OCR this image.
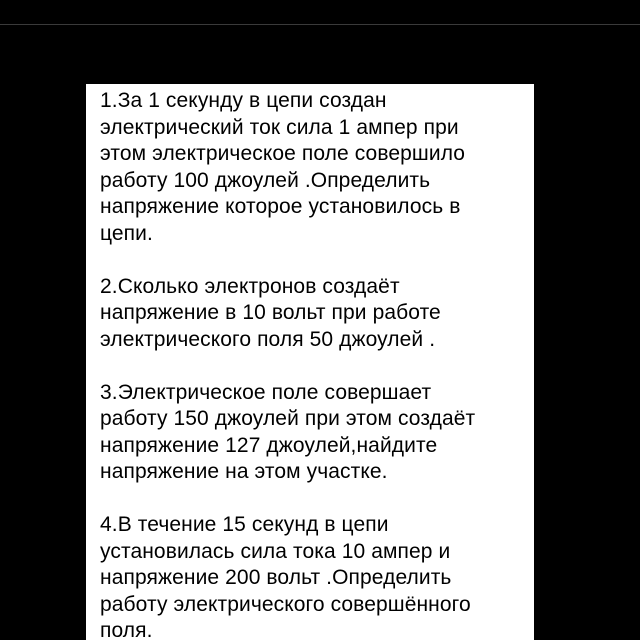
1.За 1 секунду в цепи создан
электрический ток сила 1 ампер при
этом электрическое поле совершило
работу 100 джоулей .Определить
напряжение которое установилось в
цепи.
2.Сколько электронов создаёт
напряжение в 10 вольт при работе
электрического поля 50 джоулей .
3.Электрическое поле совершает
работу 150 джоулей при этом создаёт
напряжение 127 джоулей,найдите
напряжение на этом участке.
4.В течение 15 секунд в цепи
установилась сила тока 10 ампер и
напряжение 200 вольт .Определить
работу электрического совершённого
поля.
